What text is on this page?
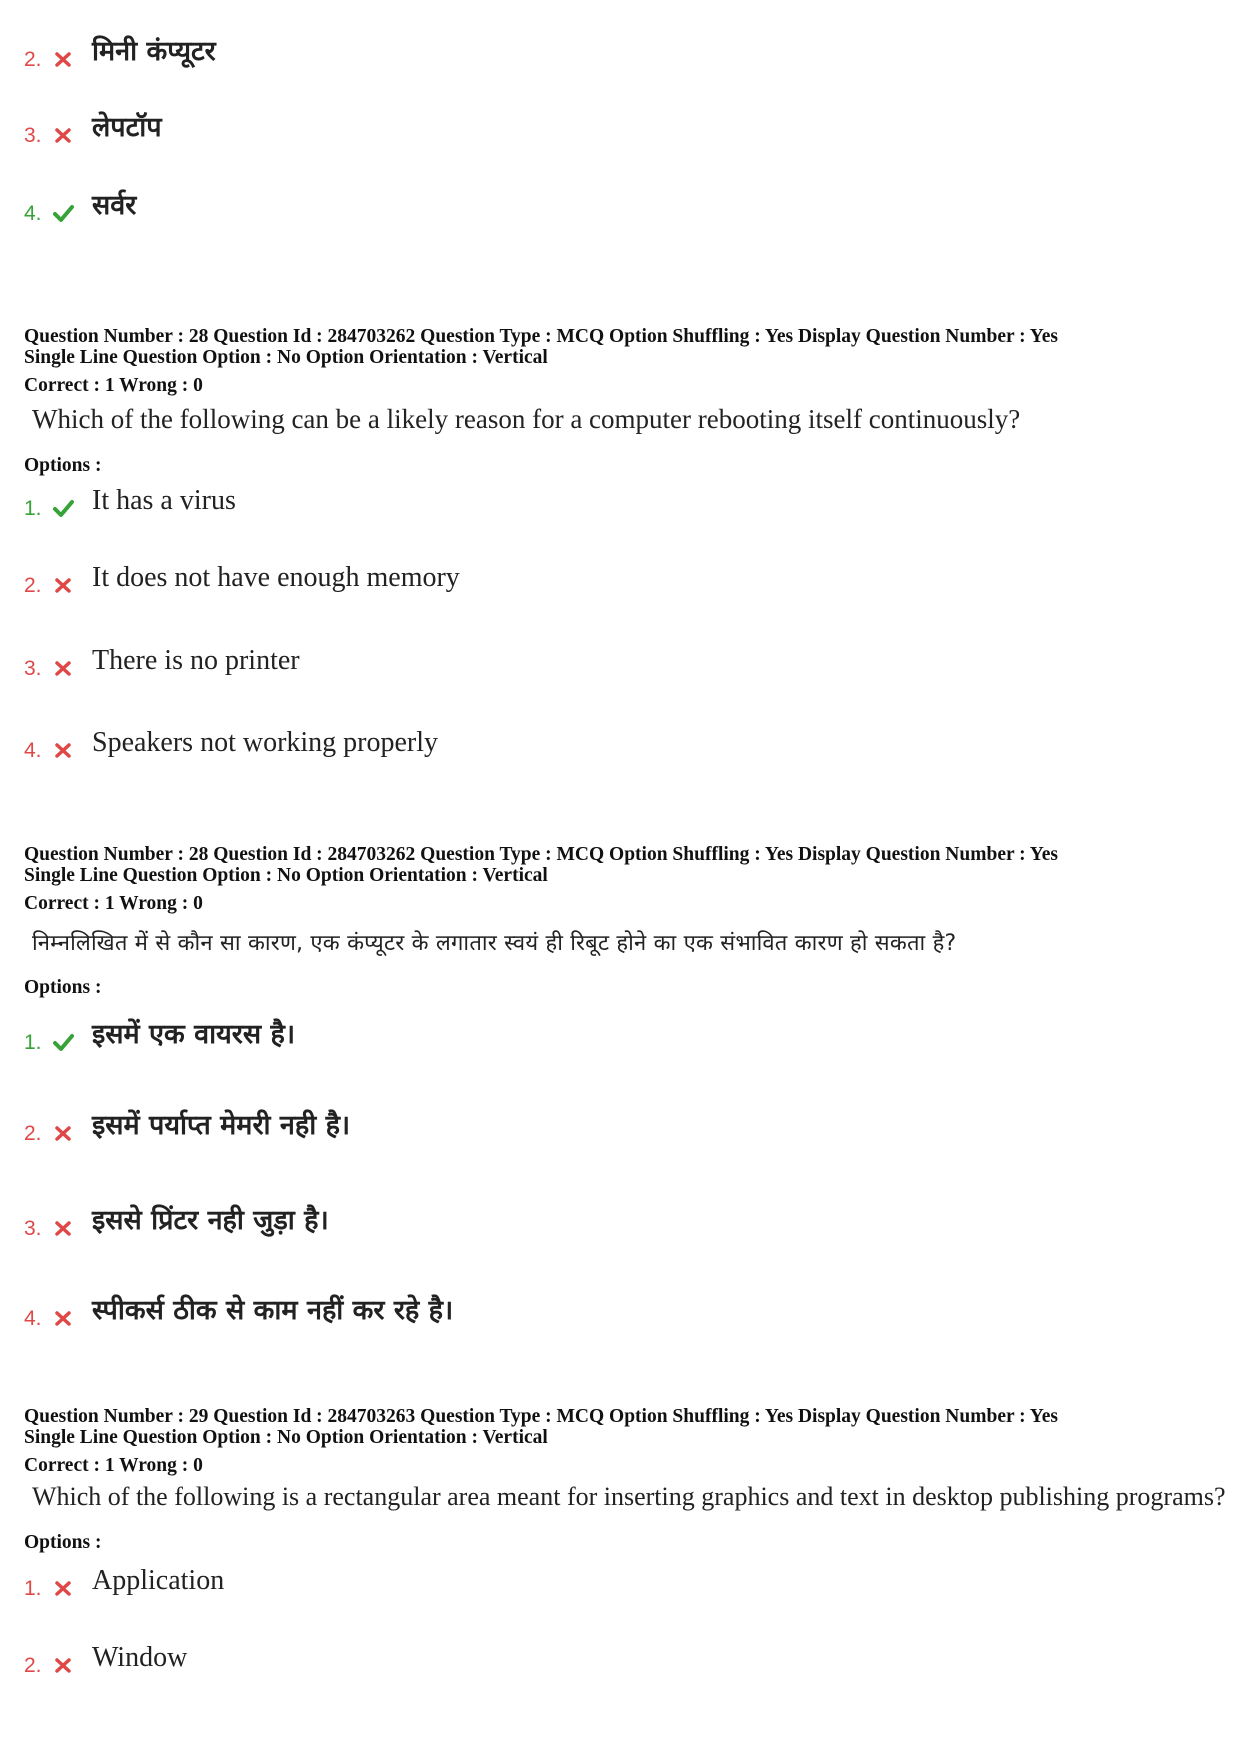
2. मिनी कंप्यूटर
3. लेपटॉप
4. सर्वर
Question Number : 28 Question Id : 284703262 Question Type : MCQ Option Shuffling : Yes Display Question Number : Yes
Single Line Question Option : No Option Orientation : Vertical
Correct : 1 Wrong : 0
Which of the following can be a likely reason for a computer rebooting itself continuously?
Options :
1. It has a virus
2. It does not have enough memory
3. There is no printer
4. Speakers not working properly
Question Number : 28 Question Id : 284703262 Question Type : MCQ Option Shuffling : Yes Display Question Number : Yes
Single Line Question Option : No Option Orientation : Vertical
Correct : 1 Wrong : 0
निम्नलिखित में से कौन सा कारण, एक कंप्यूटर के लगातार स्वयं ही रिबूट होने का एक संभावित कारण हो सकता है?
Options :
1. इसमें एक वायरस है।
2. इसमें पर्याप्त मेमरी नही है।
3. इससे प्रिंटर नही जुड़ा है।
4. स्पीकर्स ठीक से काम नहीं कर रहे है।
Question Number : 29 Question Id : 284703263 Question Type : MCQ Option Shuffling : Yes Display Question Number : Yes
Single Line Question Option : No Option Orientation : Vertical
Correct : 1 Wrong : 0
Which of the following is a rectangular area meant for inserting graphics and text in desktop publishing programs?
Options :
1. Application
2. Window
